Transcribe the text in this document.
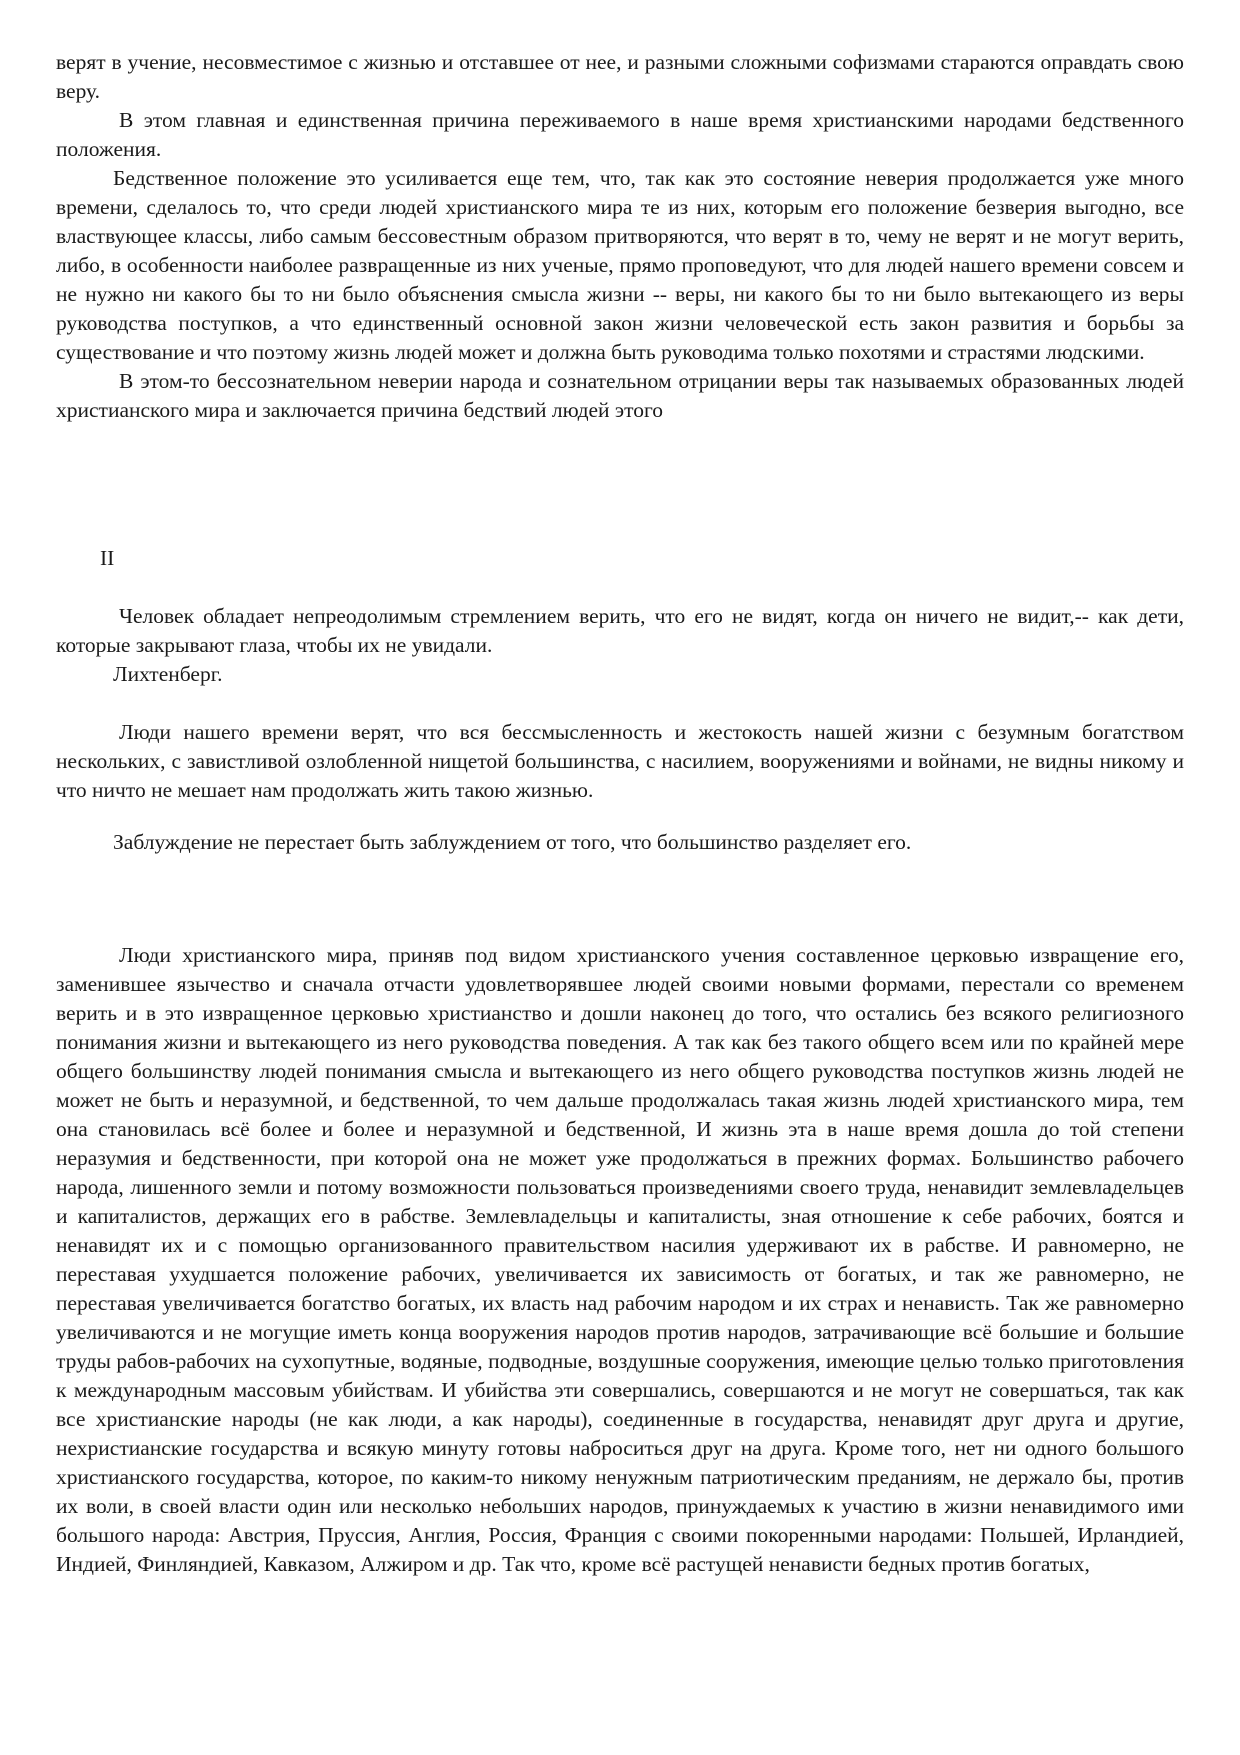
верят в учение, несовместимое с жизнью и отставшее от нее, и разными сложными софизмами стараются оправдать свою веру.

В этом главная и единственная причина переживаемого в наше время христианскими народами бедственного положения.

Бедственное положение это усиливается еще тем, что, так как это состояние неверия продолжается уже много времени, сделалось то, что среди людей христианского мира те из них, которым его положение безверия выгодно, все властвующее классы, либо самым бессовестным образом притворяются, что верят в то, чему не верят и не могут верить, либо, в особенности наиболее развращенные из них ученые, прямо проповедуют, что для людей нашего времени совсем и не нужно ни какого бы то ни было объяснения смысла жизни -- веры, ни какого бы то ни было вытекающего из веры руководства поступков, а что единственный основной закон жизни человеческой есть закон развития и борьбы за существование и что поэтому жизнь людей может и должна быть руководима только похотями и страстями людскими.

В этом-то бессознательном неверии народа и сознательном отрицании веры так называемых образованных людей христианского мира и заключается причина бедствий людей этого

II

Человек обладает непреодолимым стремлением верить, что его не видят, когда он ничего не видит,-- как дети, которые закрывают глаза, чтобы их не увидали.

Лихтенберг.

Люди нашего времени верят, что вся бессмысленность и жестокость нашей жизни с безумным богатством нескольких, с завистливой озлобленной нищетой большинства, с насилием, вооружениями и войнами, не видны никому и что ничто не мешает нам продолжать жить такою жизнью.

Заблуждение не перестает быть заблуждением от того, что большинство разделяет его.

Люди христианского мира, приняв под видом христианского учения составленное церковью извращение его, заменившее язычество и сначала отчасти удовлетворявшее людей своими новыми формами, перестали со временем верить и в это извращенное церковью христианство и дошли наконец до того, что остались без всякого религиозного понимания жизни и вытекающего из него руководства поведения. А так как без такого общего всем или по крайней мере общего большинству людей понимания смысла и вытекающего из него общего руководства поступков жизнь людей не может не быть и неразумной, и бедственной, то чем дальше продолжалась такая жизнь людей христианского мира, тем она становилась всё более и более и неразумной и бедственной, И жизнь эта в наше время дошла до той степени неразумия и бедственности, при которой она не может уже продолжаться в прежних формах. Большинство рабочего народа, лишенного земли и потому возможности пользоваться произведениями своего труда, ненавидит землевладельцев и капиталистов, держащих его в рабстве. Землевладельцы и капиталисты, зная отношение к себе рабочих, боятся и ненавидят их и с помощью организованного правительством насилия удерживают их в рабстве. И равномерно, не переставая ухудшается положение рабочих, увеличивается их зависимость от богатых, и так же равномерно, не переставая увеличивается богатство богатых, их власть над рабочим народом и их страх и ненависть. Так же равномерно увеличиваются и не могущие иметь конца вооружения народов против народов, затрачивающие всё большие и большие труды рабов-рабочих на сухопутные, водяные, подводные, воздушные сооружения, имеющие целью только приготовления к международным массовым убийствам. И убийства эти совершались, совершаются и не могут не совершаться, так как все христианские народы (не как люди, а как народы), соединенные в государства, ненавидят друг друга и другие, нехристианские государства и всякую минуту готовы наброситься друг на друга. Кроме того, нет ни одного большого христианского государства, которое, по каким-то никому ненужным патриотическим преданиям, не держало бы, против их воли, в своей власти один или несколько небольших народов, принуждаемых к участию в жизни ненавидимого ими большого народа: Австрия, Пруссия, Англия, Россия, Франция с своими покоренными народами: Польшей, Ирландией, Индией, Финляндией, Кавказом, Алжиром и др. Так что, кроме всё растущей ненависти бедных против богатых,
